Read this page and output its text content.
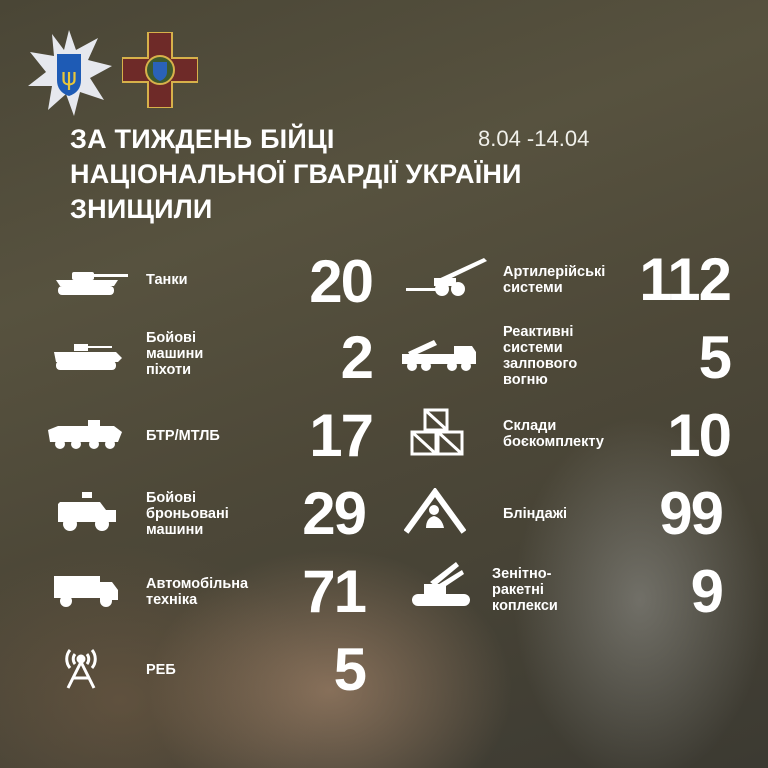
ψ
ЗА ТИЖДЕНЬ БІЙЦІ
НАЦІОНАЛЬНОЇ ГВАРДІЇ УКРАЇНИ
ЗНИЩИЛИ
8.04 -14.04
Танки	20
Бойові
машини
піхоти	2
БТР/МТЛБ	17
Бойові
броньовані
машини	29
Автомобільна
техніка	71
РЕБ	5
Артилерійські
системи	112
Реактивні
системи
залпового
вогню	5
Склади
боєкомплекту	10
Бліндажі	99
Зенітно-
ракетні
коплекси	9
